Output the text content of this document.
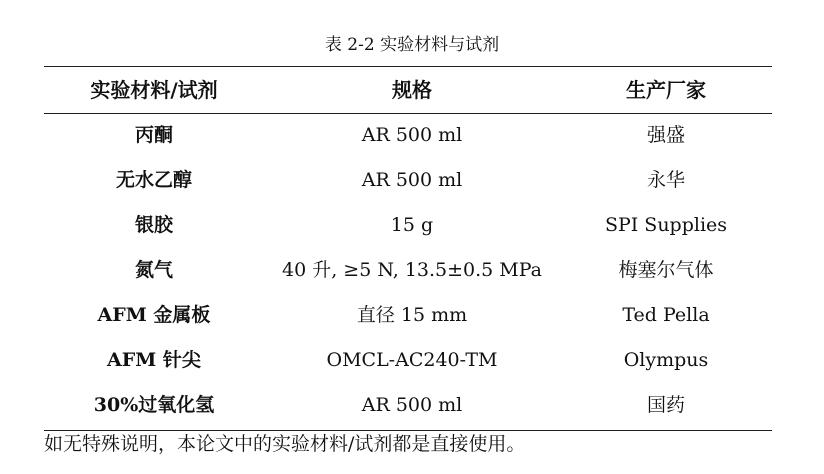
表 2-2 实验材料与试剂
实验材料/试剂	规格	生产厂家
丙酮	AR 500 ml	强盛
无水乙醇	AR 500 ml	永华
银胶	15 g	SPI Supplies
氮气	40 升, ≥5 N, 13.5±0.5 MPa	梅塞尔气体
AFM 金属板	直径 15 mm	Ted Pella
AFM 针尖	OMCL-AC240-TM	Olympus
30%过氧化氢	AR 500 ml	国药
如无特殊说明，本论文中的实验材料/试剂都是直接使用。
